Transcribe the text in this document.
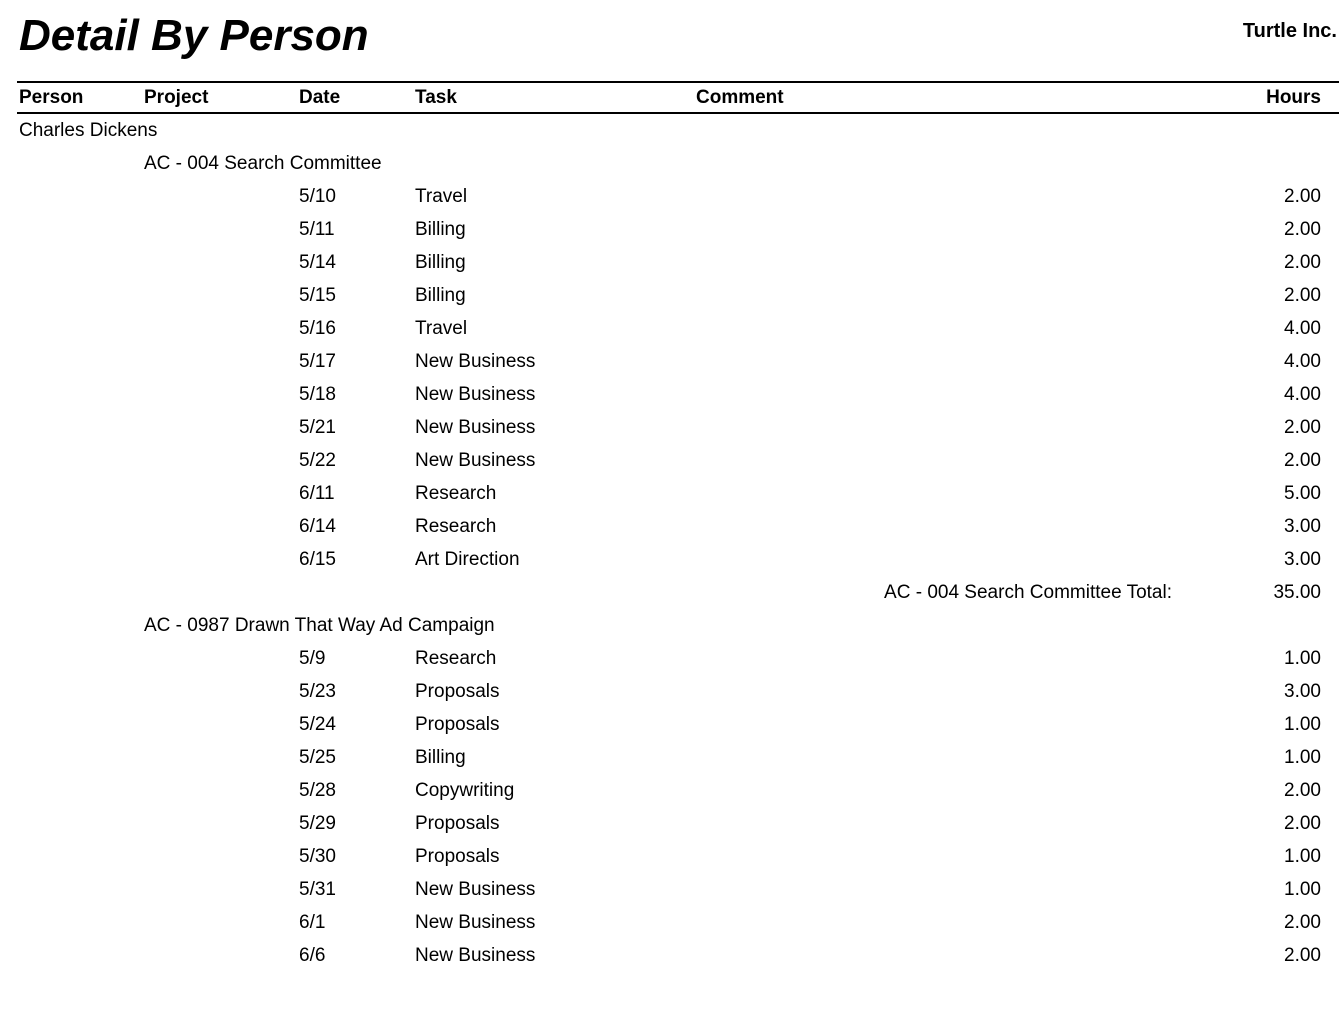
Detail By Person	Turtle Inc.
Person	Project	Date	Task	Comment	Hours
Charles Dickens
AC - 004 Search Committee
5/10	Travel	2.00
5/11	Billing	2.00
5/14	Billing	2.00
5/15	Billing	2.00
5/16	Travel	4.00
5/17	New Business	4.00
5/18	New Business	4.00
5/21	New Business	2.00
5/22	New Business	2.00
6/11	Research	5.00
6/14	Research	3.00
6/15	Art Direction	3.00
AC - 004 Search Committee Total:	35.00
AC - 0987 Drawn That Way Ad Campaign
5/9	Research	1.00
5/23	Proposals	3.00
5/24	Proposals	1.00
5/25	Billing	1.00
5/28	Copywriting	2.00
5/29	Proposals	2.00
5/30	Proposals	1.00
5/31	New Business	1.00
6/1	New Business	2.00
6/6	New Business	2.00
